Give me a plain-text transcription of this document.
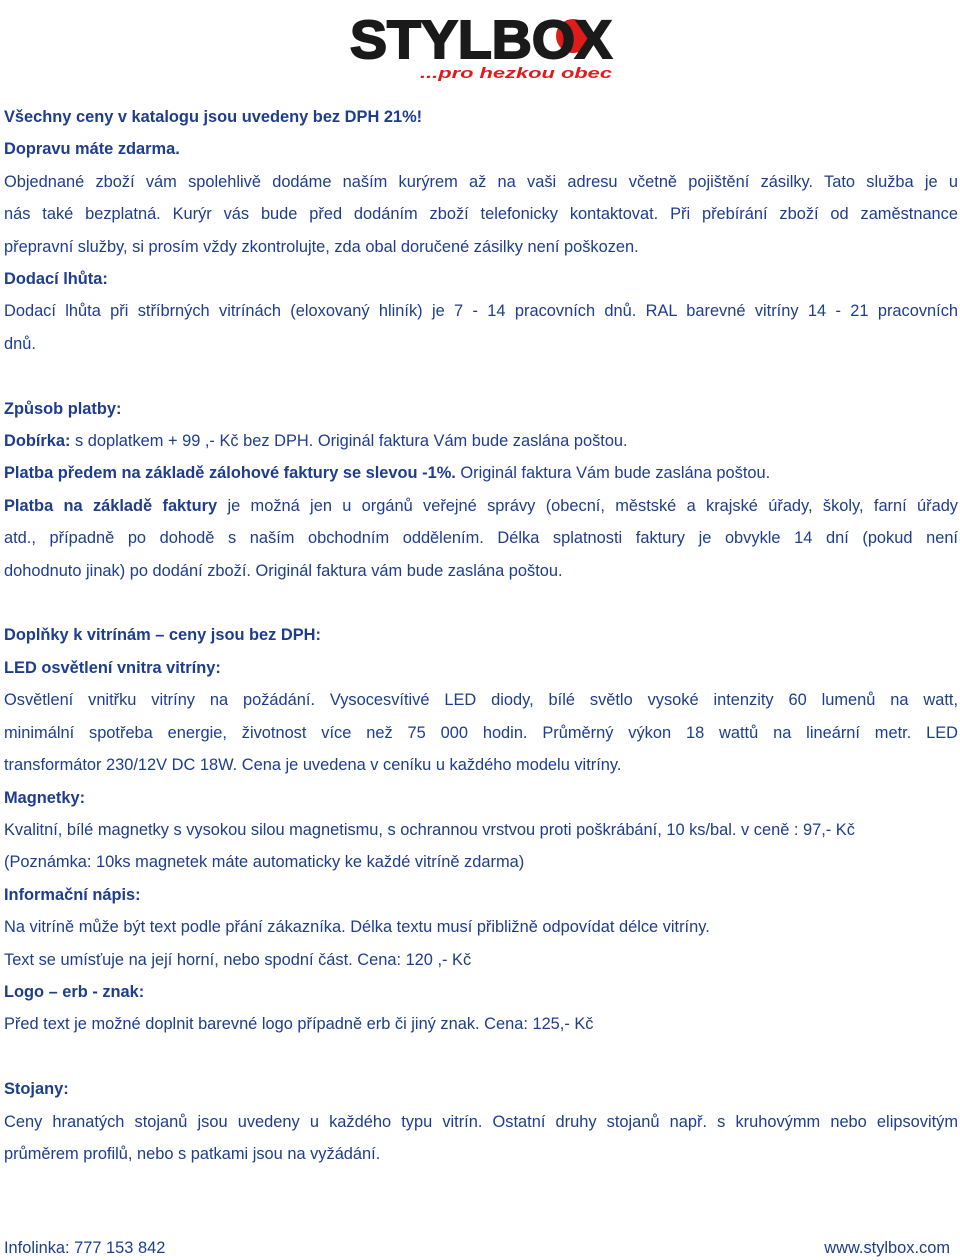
STYLBOX
...pro hezkou obec

Všechny ceny v katalogu jsou uvedeny bez DPH 21%!

Dopravu máte zdarma.

Objednané zboží vám spolehlivě dodáme naším kurýrem až na vaši adresu včetně pojištění zásilky. Tato služba je u

nás také bezplatná. Kurýr vás bude před dodáním zboží telefonicky kontaktovat. Při přebírání zboží od zaměstnance

přepravní služby, si prosím vždy zkontrolujte, zda obal doručené zásilky není poškozen.

Dodací lhůta:

Dodací lhůta při stříbrných vitrínách (eloxovaný hliník) je 7 - 14 pracovních dnů. RAL barevné vitríny 14 - 21 pracovních

dnů.

Způsob platby:

Dobírka: s doplatkem + 99 ,- Kč bez DPH. Originál faktura Vám bude zaslána poštou.

Platba předem na základě zálohové faktury se slevou -1%. Originál faktura Vám bude zaslána poštou.

Platba na základě faktury je možná jen u orgánů veřejné správy (obecní, městské a krajské úřady, školy, farní úřady

atd., případně po dohodě s naším obchodním oddělením. Délka splatnosti faktury je obvykle 14 dní (pokud není

dohodnuto jinak) po dodání zboží. Originál faktura vám bude zaslána poštou.

Doplňky k vitrínám – ceny jsou bez DPH:

LED osvětlení vnitra vitríny:

Osvětlení vnitřku vitríny na požádání. Vysocesvítivé LED diody, bílé světlo vysoké intenzity 60 lumenů na watt,

minimální spotřeba energie, životnost více než 75 000 hodin. Průměrný výkon 18 wattů na lineární metr. LED

transformátor 230/12V DC 18W. Cena je uvedena v ceníku u každého modelu vitríny.

Magnetky:

Kvalitní, bílé magnetky s vysokou silou magnetismu, s ochrannou vrstvou proti poškrábání, 10 ks/bal. v ceně : 97,- Kč

(Poznámka: 10ks magnetek máte automaticky ke každé vitríně zdarma)

Informační nápis:

Na vitríně může být text podle přání zákazníka. Délka textu musí přibližně odpovídat délce vitríny.

Text se umísťuje na její horní, nebo spodní část. Cena: 120 ,- Kč

Logo – erb - znak:

Před text je možné doplnit barevné logo případně erb či jiný znak. Cena: 125,- Kč

Stojany:

Ceny hranatých stojanů jsou uvedeny u každého typu vitrín. Ostatní druhy stojanů např. s kruhovýmm nebo elipsovitým

průměrem profilů, nebo s patkami jsou na vyžádání.

Infolinka: 777 153 842	www.stylbox.com
